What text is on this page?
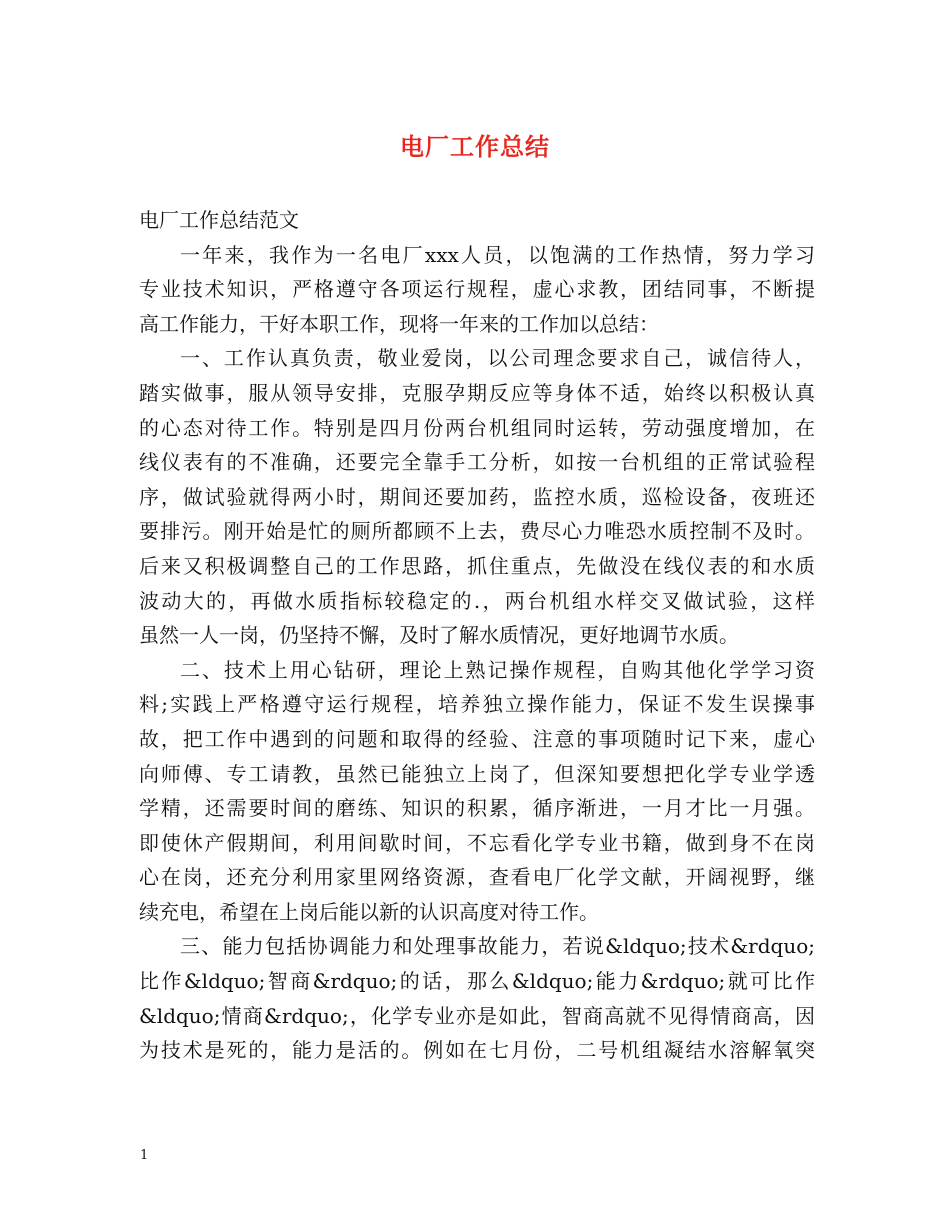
电厂工作总结
电厂工作总结范文
一年来，我作为一名电厂xxx人员，以饱满的工作热情，努力学习
专业技术知识，严格遵守各项运行规程，虚心求教，团结同事，不断提
高工作能力，干好本职工作，现将一年来的工作加以总结：
一、工作认真负责，敬业爱岗，以公司理念要求自己，诚信待人，
踏实做事，服从领导安排，克服孕期反应等身体不适，始终以积极认真
的心态对待工作。特别是四月份两台机组同时运转，劳动强度增加，在
线仪表有的不准确，还要完全靠手工分析，如按一台机组的正常试验程
序，做试验就得两小时，期间还要加药，监控水质，巡检设备，夜班还
要排污。刚开始是忙的厕所都顾不上去，费尽心力唯恐水质控制不及时。
后来又积极调整自己的工作思路，抓住重点，先做没在线仪表的和水质
波动大的，再做水质指标较稳定的.，两台机组水样交叉做试验，这样
虽然一人一岗，仍坚持不懈，及时了解水质情况，更好地调节水质。
二、技术上用心钻研，理论上熟记操作规程，自购其他化学学习资
料;实践上严格遵守运行规程，培养独立操作能力，保证不发生误操事
故，把工作中遇到的问题和取得的经验、注意的事项随时记下来，虚心
向师傅、专工请教，虽然已能独立上岗了，但深知要想把化学专业学透
学精，还需要时间的磨练、知识的积累，循序渐进，一月才比一月强。
即使休产假期间，利用间歇时间，不忘看化学专业书籍，做到身不在岗
心在岗，还充分利用家里网络资源，查看电厂化学文献，开阔视野，继
续充电，希望在上岗后能以新的认识高度对待工作。
三、能力包括协调能力和处理事故能力，若说&ldquo;技术&rdquo;
比作&ldquo;智商&rdquo;的话，那么&ldquo;能力&rdquo;就可比作
&ldquo;情商&rdquo;，化学专业亦是如此，智商高就不见得情商高，因
为技术是死的，能力是活的。例如在七月份，二号机组凝结水溶解氧突
1
